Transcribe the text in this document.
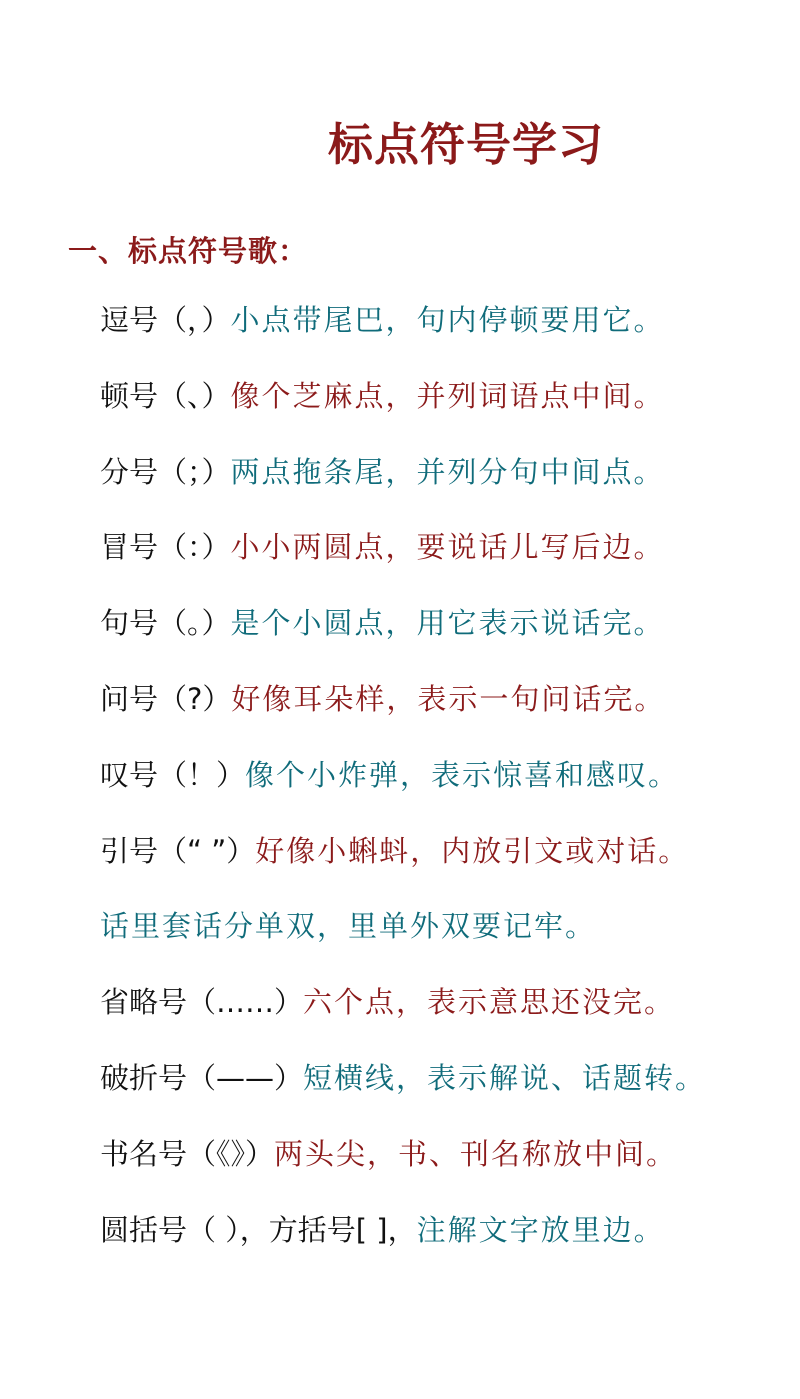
标点符号学习
一、标点符号歌：
逗号（，）小点带尾巴，句内停顿要用它。
顿号（、）像个芝麻点，并列词语点中间。
分号（；）两点拖条尾，并列分句中间点。
冒号（：）小小两圆点，要说话儿写后边。
句号（。）是个小圆点，用它表示说话完。
问号（?）好像耳朵样，表示一句问话完。
叹号（！）像个小炸弹，表示惊喜和感叹。
引号（“ ”）好像小蝌蚪，内放引文或对话。
话里套话分单双，里单外双要记牢。
省略号（……）六个点，表示意思还没完。
破折号（——）短横线，表示解说、话题转。
书名号（《》）两头尖，书、刊名称放中间。
圆括号（ ），方括号[ ]，注解文字放里边。
